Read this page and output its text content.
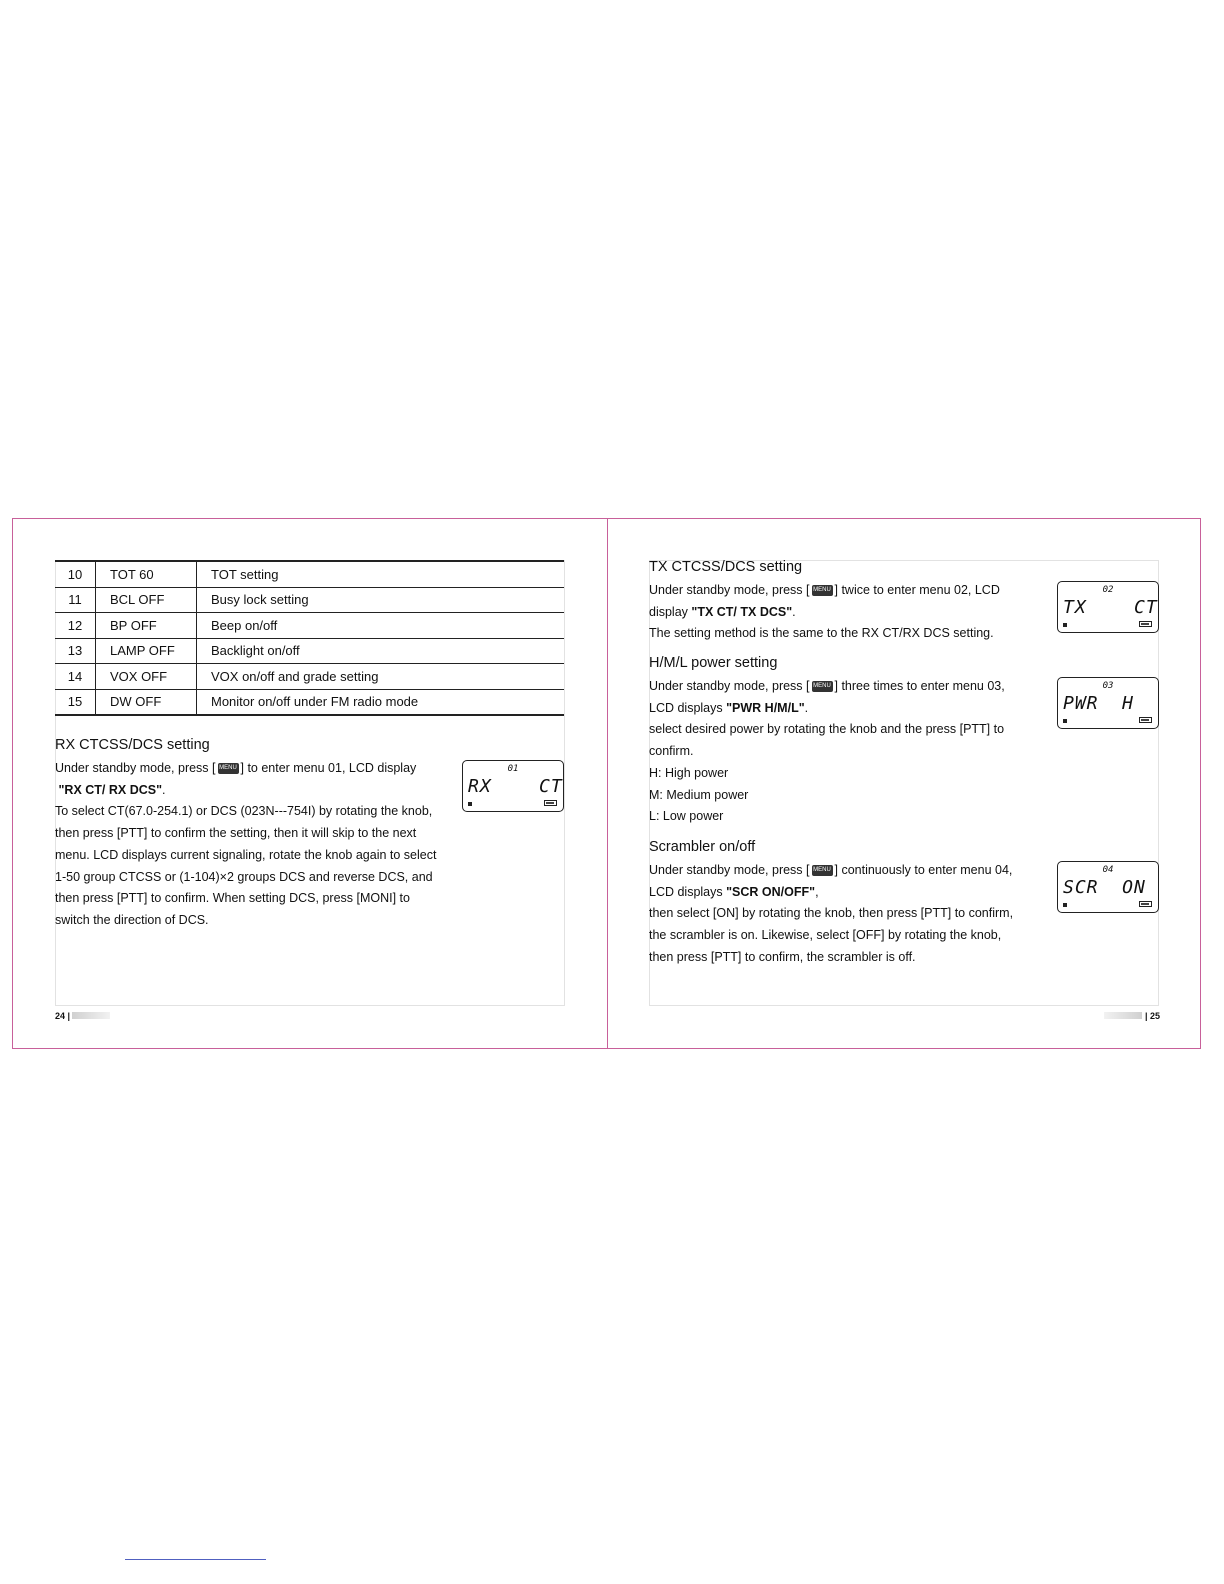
10	TOT 60	TOT setting
11	BCL OFF	Busy lock setting
12	BP OFF	Beep on/off
13	LAMP OFF	Backlight on/off
14	VOX OFF	VOX on/off and grade setting
15	DW OFF	Monitor on/off under FM radio mode
RX CTCSS/DCS setting

Under standby mode, press [ MENU ] to enter menu 01, LCD display
"RX CT/ RX DCS".

To select CT(67.0-254.1) or DCS (023N---754I) by rotating the knob, then press [PTT] to confirm the setting, then it will skip to the next menu. LCD displays current signaling, rotate the knob again to select 1-50 group CTCSS or (1-104)×2 groups DCS and reverse DCS, and then press [PTT] to confirm. When setting DCS, press [MONI] to switch the direction of DCS.

01
RX    CT
TX CTCSS/DCS setting

Under standby mode, press [ MENU ] twice to enter menu 02, LCD display "TX CT/ TX DCS".

The setting method is the same to the RX CT/RX DCS setting.

02
TX    CT
H/M/L power setting

Under standby mode, press [ MENU ] three times to enter menu 03, LCD displays "PWR H/M/L".

select desired power by rotating the knob and the press [PTT] to confirm.

H: High power

M: Medium power

L: Low power

03
PWR  H
Scrambler on/off

Under standby mode, press [ MENU ] continuously to enter menu 04, LCD displays "SCR ON/OFF",

then select [ON] by rotating the knob, then press [PTT] to confirm, the scrambler is on. Likewise, select [OFF] by rotating the knob, then press [PTT] to confirm, the scrambler is off.

04
SCR  ON
24 |	| 25
